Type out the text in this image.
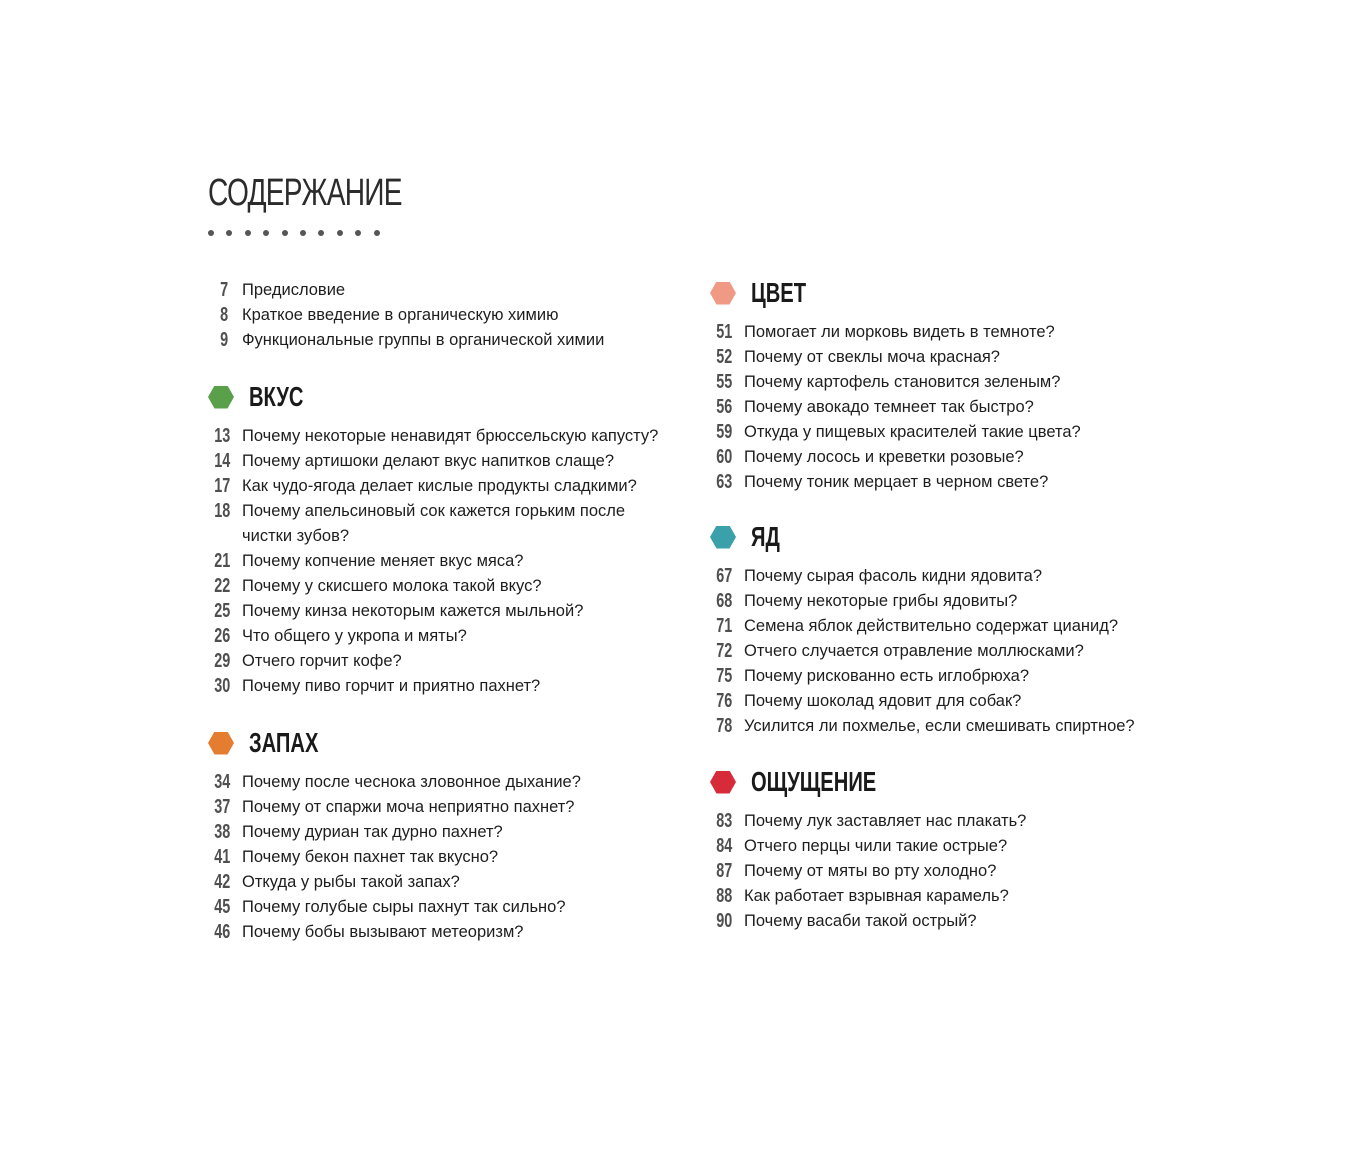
СОДЕРЖАНИЕ
7 Предисловие
8 Краткое введение в органическую химию
9 Функциональные группы в органической химии
ВКУС
13 Почему некоторые ненавидят брюссельскую капусту?
14 Почему артишоки делают вкус напитков слаще?
17 Как чудо-ягода делает кислые продукты сладкими?
18 Почему апельсиновый сок кажется горьким после чистки зубов?
21 Почему копчение меняет вкус мяса?
22 Почему у скисшего молока такой вкус?
25 Почему кинза некоторым кажется мыльной?
26 Что общего у укропа и мяты?
29 Отчего горчит кофе?
30 Почему пиво горчит и приятно пахнет?
ЗАПАХ
34 Почему после чеснока зловонное дыхание?
37 Почему от спаржи моча неприятно пахнет?
38 Почему дуриан так дурно пахнет?
41 Почему бекон пахнет так вкусно?
42 Откуда у рыбы такой запах?
45 Почему голубые сыры пахнут так сильно?
46 Почему бобы вызывают метеоризм?
ЦВЕТ
51 Помогает ли морковь видеть в темноте?
52 Почему от свеклы моча красная?
55 Почему картофель становится зеленым?
56 Почему авокадо темнеет так быстро?
59 Откуда у пищевых красителей такие цвета?
60 Почему лосось и креветки розовые?
63 Почему тоник мерцает в черном свете?
ЯД
67 Почему сырая фасоль кидни ядовита?
68 Почему некоторые грибы ядовиты?
71 Семена яблок действительно содержат цианид?
72 Отчего случается отравление моллюсками?
75 Почему рискованно есть иглобрюха?
76 Почему шоколад ядовит для собак?
78 Усилится ли похмелье, если смешивать спиртное?
ОЩУЩЕНИЕ
83 Почему лук заставляет нас плакать?
84 Отчего перцы чили такие острые?
87 Почему от мяты во рту холодно?
88 Как работает взрывная карамель?
90 Почему васаби такой острый?
